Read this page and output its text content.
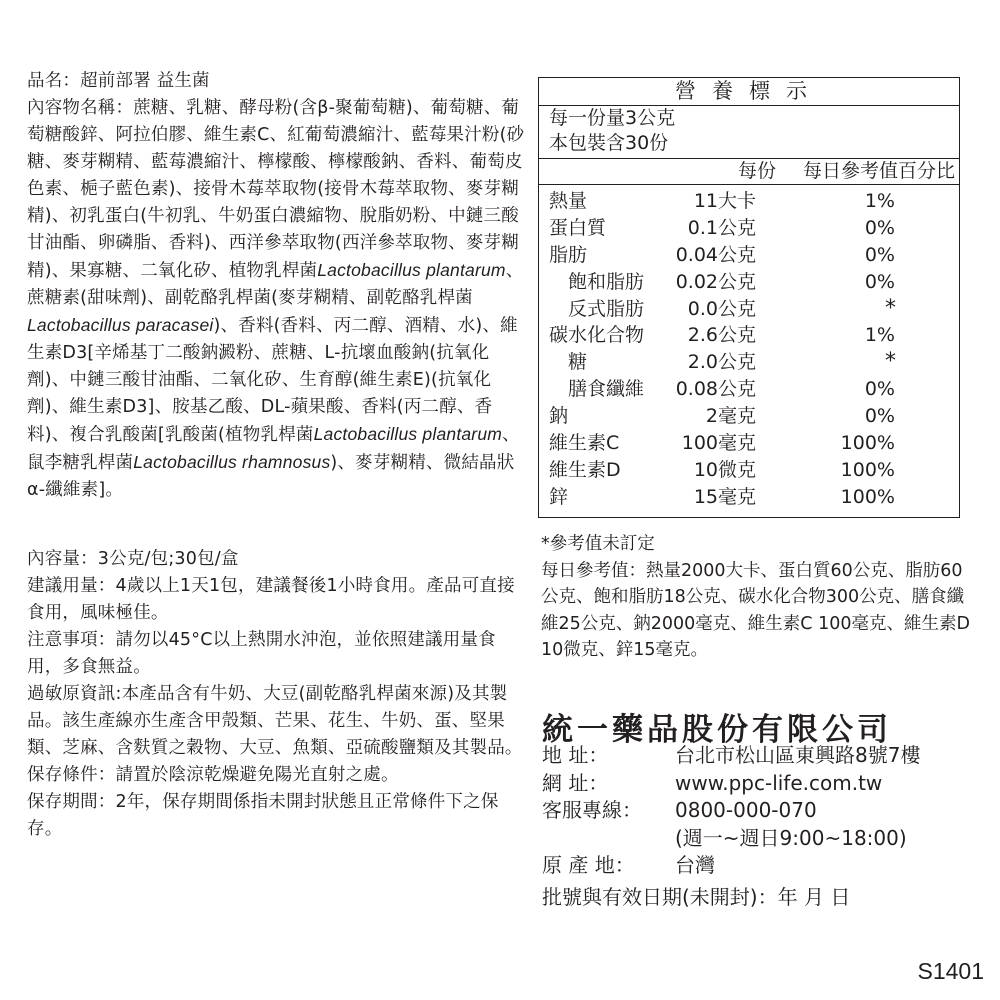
品名：超前部署 益生菌

內容物名稱：蔗糖、乳糖、酵母粉(含β-聚葡萄糖)、葡萄糖、葡萄糖酸鋅、阿拉伯膠、維生素C、紅葡萄濃縮汁、藍莓果汁粉(砂糖、麥芽糊精、藍莓濃縮汁、檸檬酸、檸檬酸鈉、香料、葡萄皮色素、梔子藍色素)、接骨木莓萃取物(接骨木莓萃取物、麥芽糊精)、初乳蛋白(牛初乳、牛奶蛋白濃縮物、脫脂奶粉、中鏈三酸甘油酯、卵磷脂、香料)、西洋參萃取物(西洋參萃取物、麥芽糊精)、果寡糖、二氧化矽、植物乳桿菌Lactobacillus plantarum、蔗糖素(甜味劑)、副乾酪乳桿菌(麥芽糊精、副乾酪乳桿菌Lactobacillus paracasei)、香料(香料、丙二醇、酒精、水)、維生素D3[辛烯基丁二酸鈉澱粉、蔗糖、L-抗壞血酸鈉(抗氧化劑)、中鏈三酸甘油酯、二氧化矽、生育醇(維生素E)(抗氧化劑)、維生素D3]、胺基乙酸、DL-蘋果酸、香料(丙二醇、香料)、複合乳酸菌[乳酸菌(植物乳桿菌Lactobacillus plantarum、鼠李糖乳桿菌Lactobacillus rhamnosus)、麥芽糊精、微結晶狀α-纖維素]。

內容量：3公克/包;30包/盒

建議用量：4歲以上1天1包，建議餐後1小時食用。產品可直接食用，風味極佳。

注意事項：請勿以45°C以上熱開水沖泡，並依照建議用量食用，多食無益。

過敏原資訊:本產品含有牛奶、大豆(副乾酪乳桿菌來源)及其製品。該生產線亦生產含甲殼類、芒果、花生、牛奶、蛋、堅果類、芝麻、含麩質之穀物、大豆、魚類、亞硫酸鹽類及其製品。

保存條件：請置於陰涼乾燥避免陽光直射之處。

保存期間：2年，保存期間係指未開封狀態且正常條件下之保存。

營養標示
每一份量3公克
本包裝含30份
每份 每日參考值百分比
熱量	11大卡	1%
蛋白質	0.1公克	0%
脂肪	0.04公克	0%
飽和脂肪 0.02公克	0%
反式脂肪 0.0公克	*
碳水化合物 2.6公克	1%
糖	2.0公克	*
膳食纖維 0.08公克	0%
鈉	2毫克	0%
維生素C	100毫克	100%
維生素D	10微克	100%
鋅	15毫克	100%

*參考值未訂定

每日參考值：熱量2000大卡、蛋白質60公克、脂肪60公克、飽和脂肪18公克、碳水化合物300公克、膳食纖維25公克、鈉2000毫克、維生素C 100毫克、維生素D 10微克、鋅15毫克。

統一藥品股份有限公司
地 址：	台北市松山區東興路8號7樓
網 址：	www.ppc-life.com.tw
客服專線：	0800-000-070
(週一~週日9:00~18:00)
原 產 地：	台灣
批號與有效日期(未開封)：年 月 日
S1401
